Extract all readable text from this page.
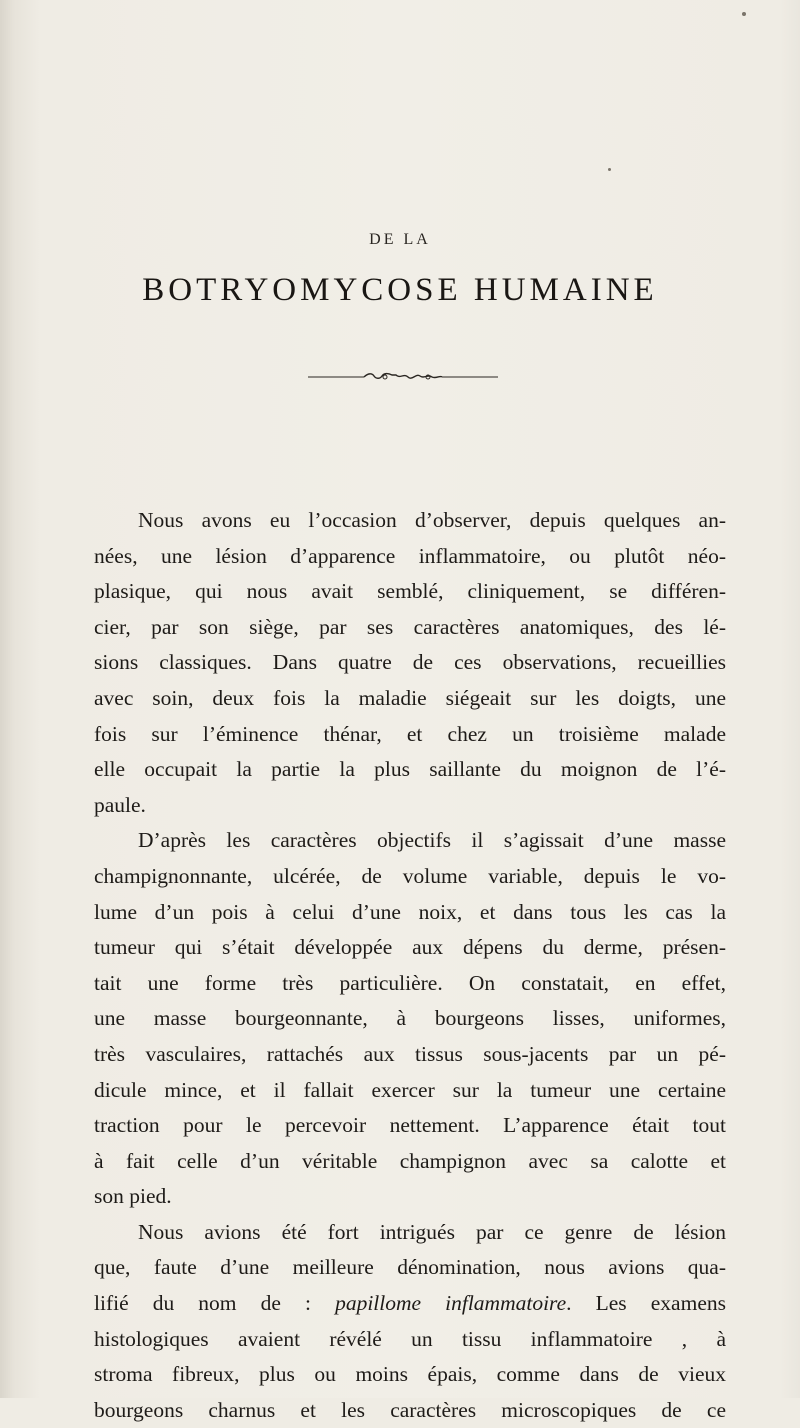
DE LA
BOTRYOMYCOSE HUMAINE
Nous avons eu l’occasion d’observer, depuis quelques an-
nées, une lésion d’apparence inflammatoire, ou plutôt néo-
plasique, qui nous avait semblé, cliniquement, se différen-
cier, par son siège, par ses caractères anatomiques, des lé-
sions classiques. Dans quatre de ces observations, recueillies
avec soin, deux fois la maladie siégeait sur les doigts, une
fois sur l’éminence thénar, et chez un troisième malade
elle occupait la partie la plus saillante du moignon de l’é-
paule.
D’après les caractères objectifs il s’agissait d’une masse
champignonnante, ulcérée, de volume variable, depuis le vo-
lume d’un pois à celui d’une noix, et dans tous les cas la
tumeur qui s’était développée aux dépens du derme, présen-
tait une forme très particulière. On constatait, en effet,
une masse bourgeonnante, à bourgeons lisses, uniformes,
très vasculaires, rattachés aux tissus sous-jacents par un pé-
dicule mince, et il fallait exercer sur la tumeur une certaine
traction pour le percevoir nettement. L’apparence était tout
à fait celle d’un véritable champignon avec sa calotte et
son pied.
Nous avions été fort intrigués par ce genre de lésion
que, faute d’une meilleure dénomination, nous avions qua-
lifié du nom de : papillome inflammatoire. Les examens
histologiques avaient révélé un tissu inflammatoire , à
stroma fibreux, plus ou moins épais, comme dans de vieux
bourgeons charnus et les caractères microscopiques de ce
